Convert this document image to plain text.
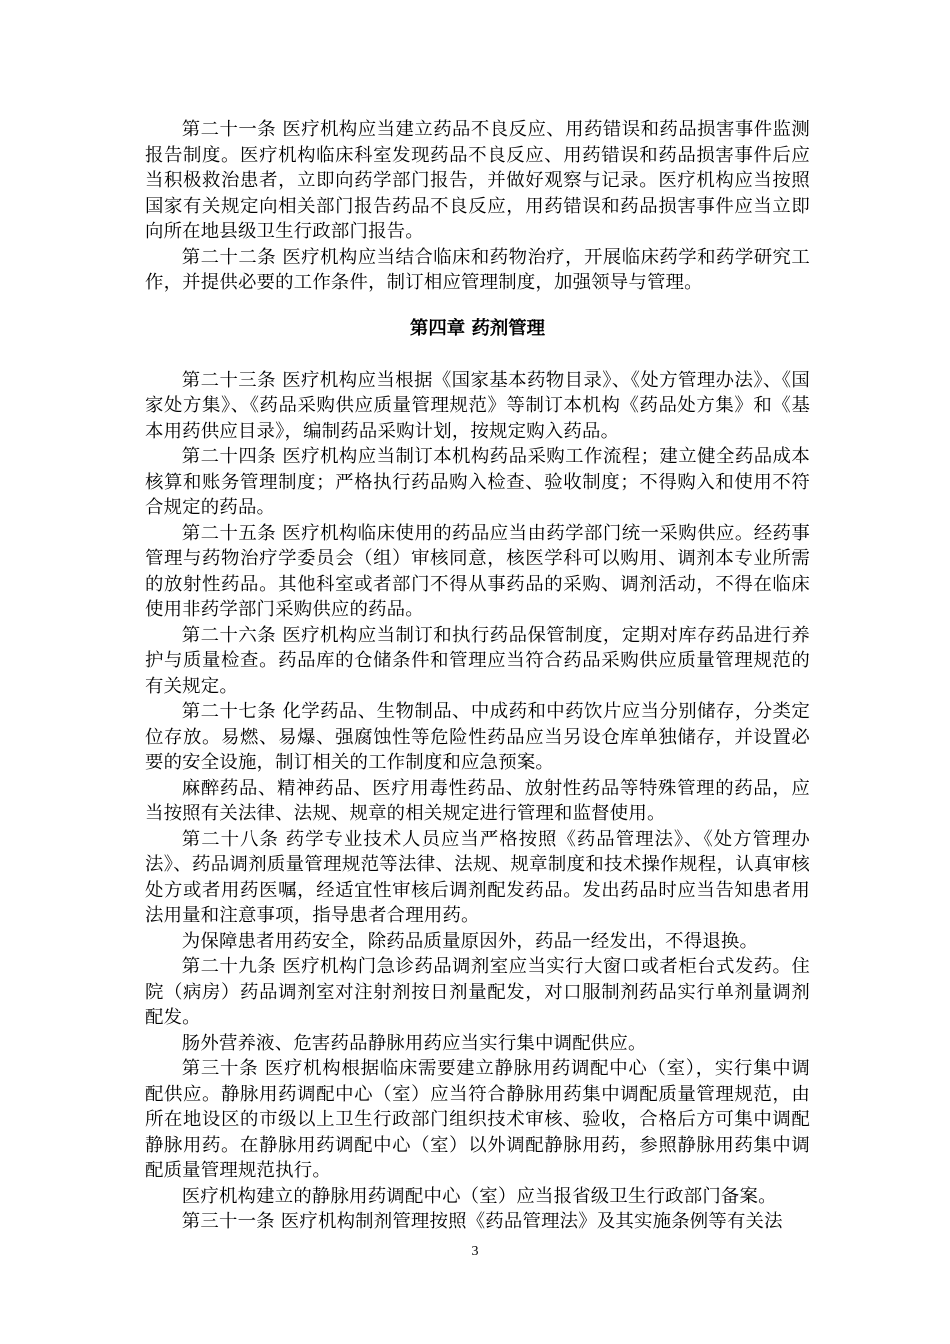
第二十一条 医疗机构应当建立药品不良反应、用药错误和药品损害事件监测报告制度。医疗机构临床科室发现药品不良反应、用药错误和药品损害事件后应当积极救治患者，立即向药学部门报告，并做好观察与记录。医疗机构应当按照国家有关规定向相关部门报告药品不良反应，用药错误和药品损害事件应当立即向所在地县级卫生行政部门报告。

第二十二条 医疗机构应当结合临床和药物治疗，开展临床药学和药学研究工作，并提供必要的工作条件，制订相应管理制度，加强领导与管理。

第四章 药剂管理

第二十三条 医疗机构应当根据《国家基本药物目录》、《处方管理办法》、《国家处方集》、《药品采购供应质量管理规范》等制订本机构《药品处方集》和《基本用药供应目录》，编制药品采购计划，按规定购入药品。

第二十四条 医疗机构应当制订本机构药品采购工作流程；建立健全药品成本核算和账务管理制度；严格执行药品购入检查、验收制度；不得购入和使用不符合规定的药品。

第二十五条 医疗机构临床使用的药品应当由药学部门统一采购供应。经药事管理与药物治疗学委员会（组）审核同意，核医学科可以购用、调剂本专业所需的放射性药品。其他科室或者部门不得从事药品的采购、调剂活动，不得在临床使用非药学部门采购供应的药品。

第二十六条 医疗机构应当制订和执行药品保管制度，定期对库存药品进行养护与质量检查。药品库的仓储条件和管理应当符合药品采购供应质量管理规范的有关规定。

第二十七条 化学药品、生物制品、中成药和中药饮片应当分别储存，分类定位存放。易燃、易爆、强腐蚀性等危险性药品应当另设仓库单独储存，并设置必要的安全设施，制订相关的工作制度和应急预案。

麻醉药品、精神药品、医疗用毒性药品、放射性药品等特殊管理的药品，应当按照有关法律、法规、规章的相关规定进行管理和监督使用。

第二十八条 药学专业技术人员应当严格按照《药品管理法》、《处方管理办法》、药品调剂质量管理规范等法律、法规、规章制度和技术操作规程，认真审核处方或者用药医嘱，经适宜性审核后调剂配发药品。发出药品时应当告知患者用法用量和注意事项，指导患者合理用药。

为保障患者用药安全，除药品质量原因外，药品一经发出，不得退换。

第二十九条 医疗机构门急诊药品调剂室应当实行大窗口或者柜台式发药。住院（病房）药品调剂室对注射剂按日剂量配发，对口服制剂药品实行单剂量调剂配发。

肠外营养液、危害药品静脉用药应当实行集中调配供应。

第三十条 医疗机构根据临床需要建立静脉用药调配中心（室），实行集中调配供应。静脉用药调配中心（室）应当符合静脉用药集中调配质量管理规范，由所在地设区的市级以上卫生行政部门组织技术审核、验收，合格后方可集中调配静脉用药。在静脉用药调配中心（室）以外调配静脉用药，参照静脉用药集中调配质量管理规范执行。

医疗机构建立的静脉用药调配中心（室）应当报省级卫生行政部门备案。

第三十一条 医疗机构制剂管理按照《药品管理法》及其实施条例等有关法

3
